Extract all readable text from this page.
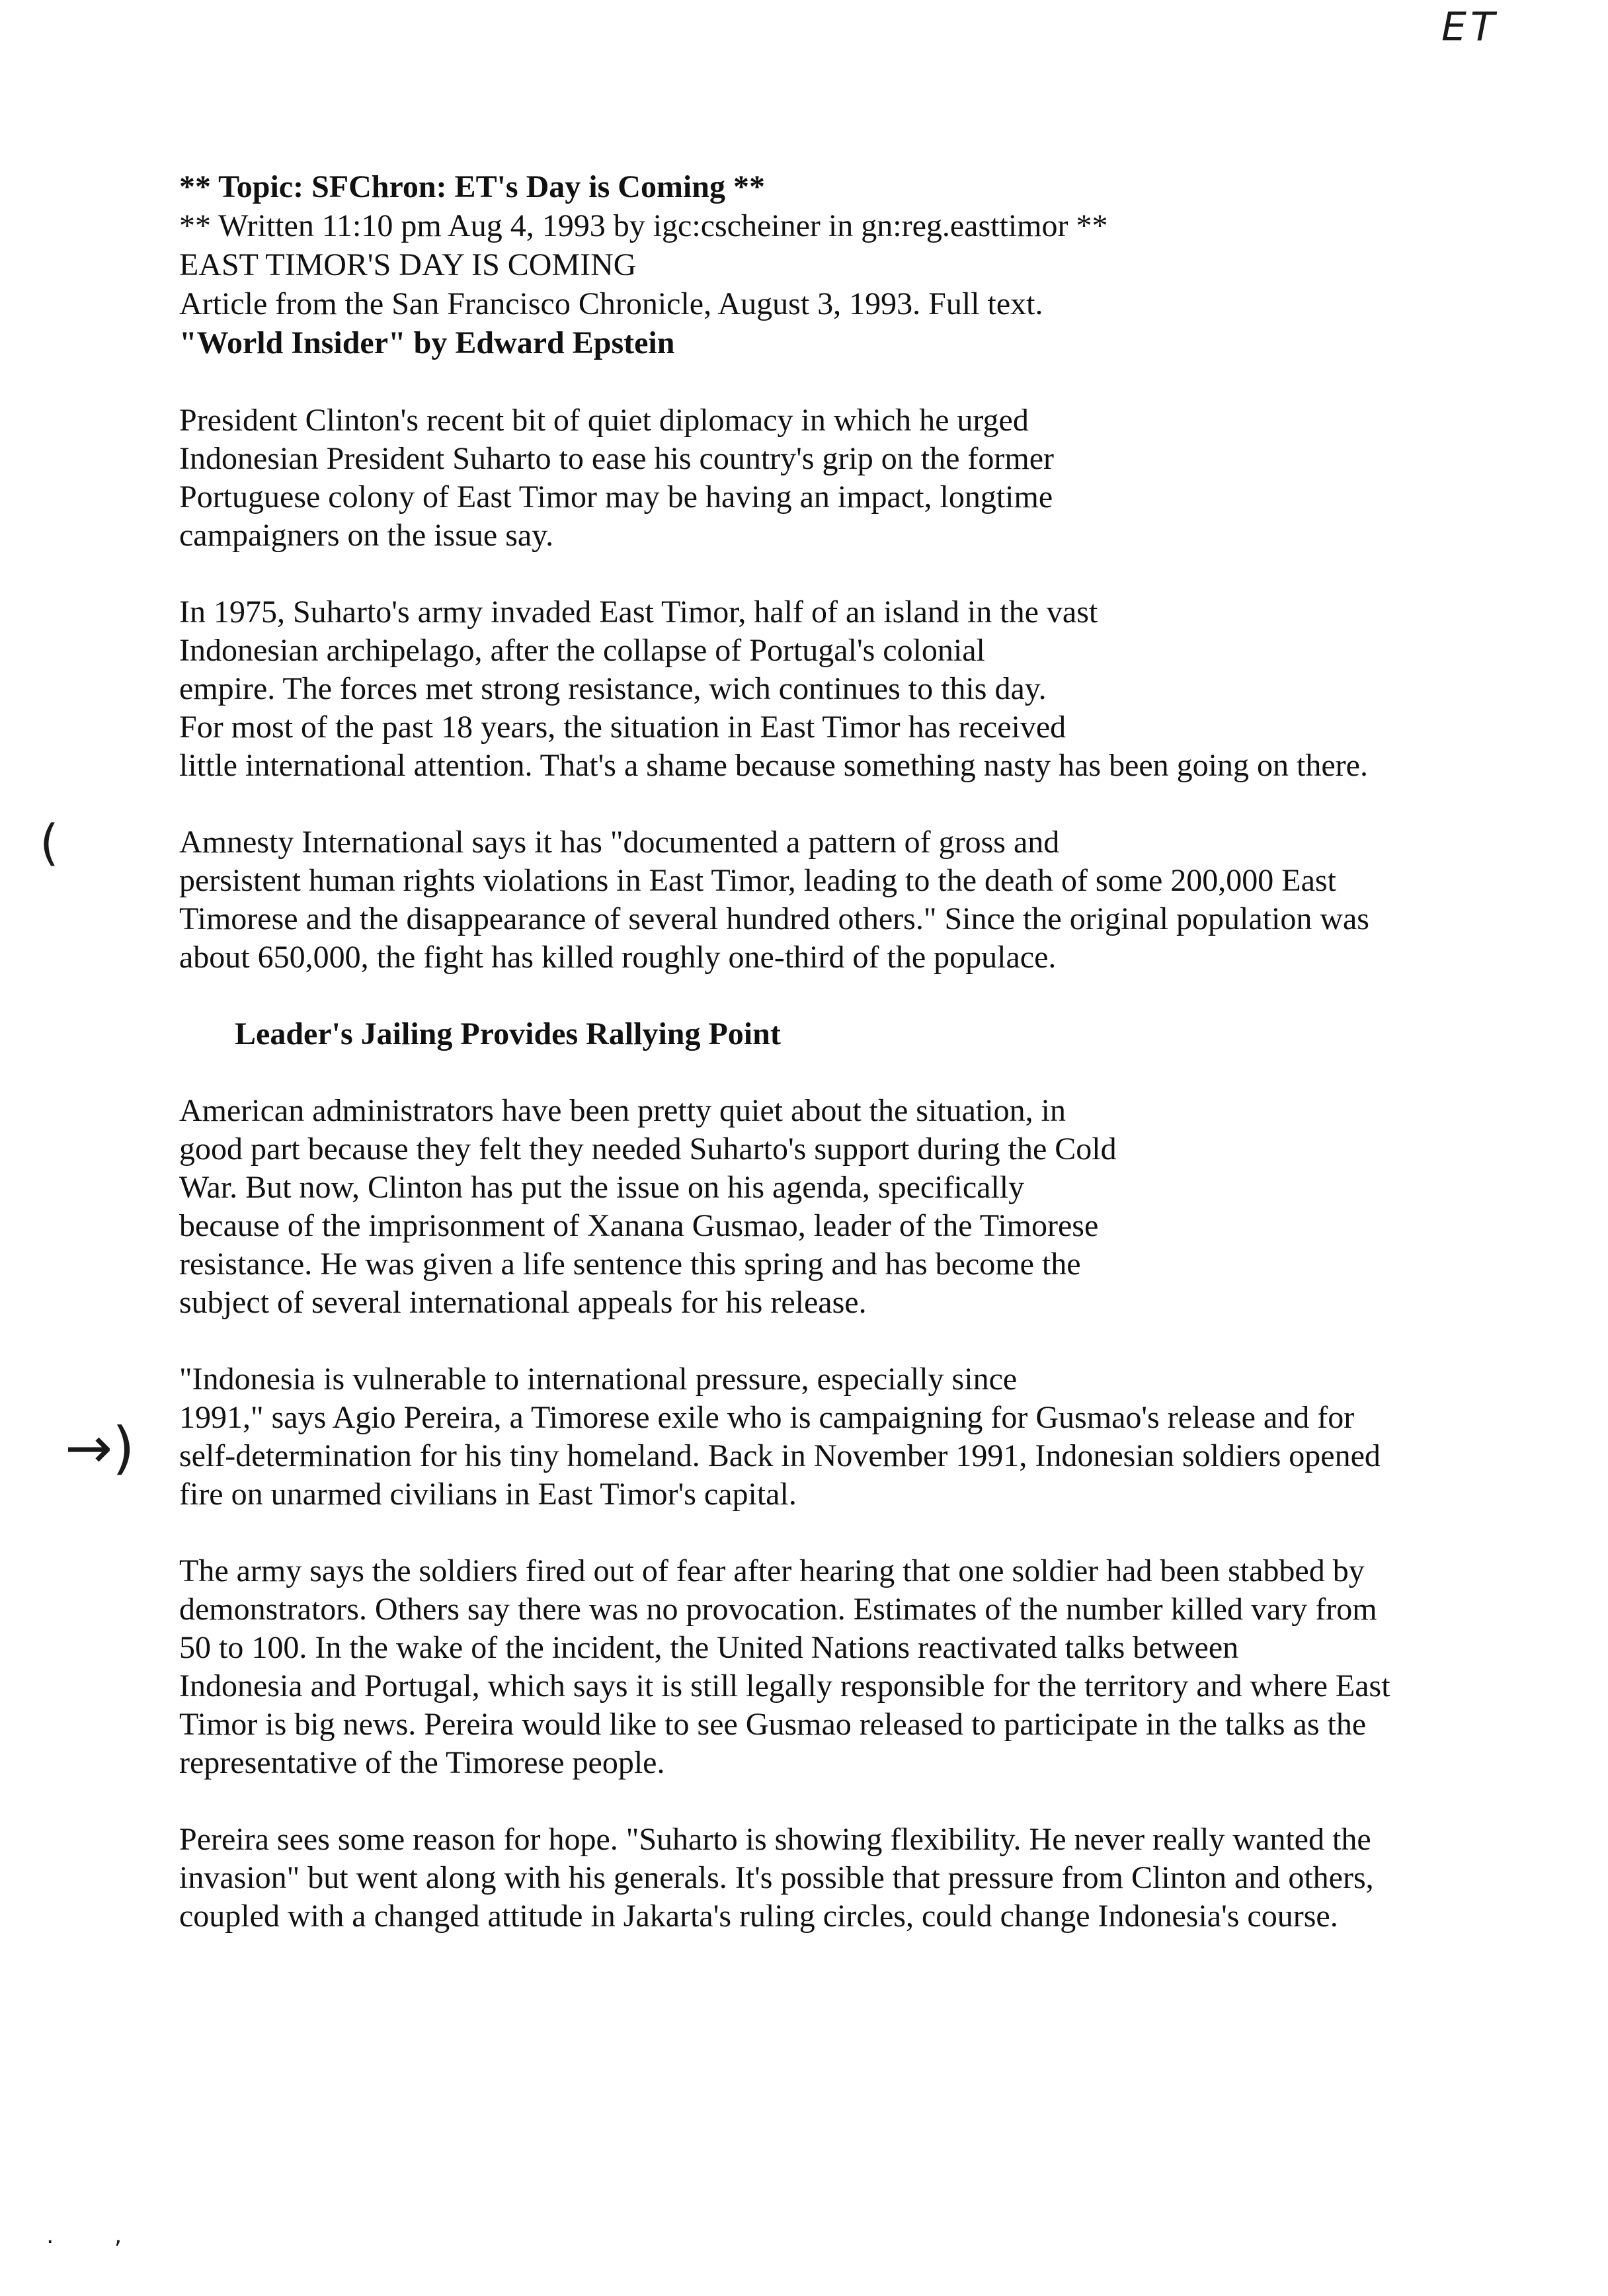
ET
(
→)
. ,

** Topic: SFChron: ET's Day is Coming **

** Written 11:10 pm Aug 4, 1993 by igc:cscheiner in gn:reg.easttimor **

EAST TIMOR'S DAY IS COMING

Article from the San Francisco Chronicle, August 3, 1993. Full text.

"World Insider" by Edward Epstein

President Clinton's recent bit of quiet diplomacy in which he urged

Indonesian President Suharto to ease his country's grip on the former

Portuguese colony of East Timor may be having an impact, longtime

campaigners on the issue say.

In 1975, Suharto's army invaded East Timor, half of an island in the vast

Indonesian archipelago, after the collapse of Portugal's colonial

empire. The forces met strong resistance, wich continues to this day.

For most of the past 18 years, the situation in East Timor has received

little international attention. That's a shame because something nasty has been going on there.

Amnesty International says it has "documented a pattern of gross and

persistent human rights violations in East Timor, leading to the death of some 200,000 East

Timorese and the disappearance of several hundred others." Since the original population was

about 650,000, the fight has killed roughly one-third of the populace.

Leader's Jailing Provides Rallying Point

American administrators have been pretty quiet about the situation, in

good part because they felt they needed Suharto's support during the Cold

War. But now, Clinton has put the issue on his agenda, specifically

because of the imprisonment of Xanana Gusmao, leader of the Timorese

resistance. He was given a life sentence this spring and has become the

subject of several international appeals for his release.

"Indonesia is vulnerable to international pressure, especially since

1991," says Agio Pereira, a Timorese exile who is campaigning for Gusmao's release and for

self-determination for his tiny homeland. Back in November 1991, Indonesian soldiers opened

fire on unarmed civilians in East Timor's capital.

The army says the soldiers fired out of fear after hearing that one soldier had been stabbed by

demonstrators. Others say there was no provocation. Estimates of the number killed vary from

50 to 100. In the wake of the incident, the United Nations reactivated talks between

Indonesia and Portugal, which says it is still legally responsible for the territory and where East

Timor is big news. Pereira would like to see Gusmao released to participate in the talks as the

representative of the Timorese people.

Pereira sees some reason for hope. "Suharto is showing flexibility. He never really wanted the

invasion" but went along with his generals. It's possible that pressure from Clinton and others,

coupled with a changed attitude in Jakarta's ruling circles, could change Indonesia's course.
